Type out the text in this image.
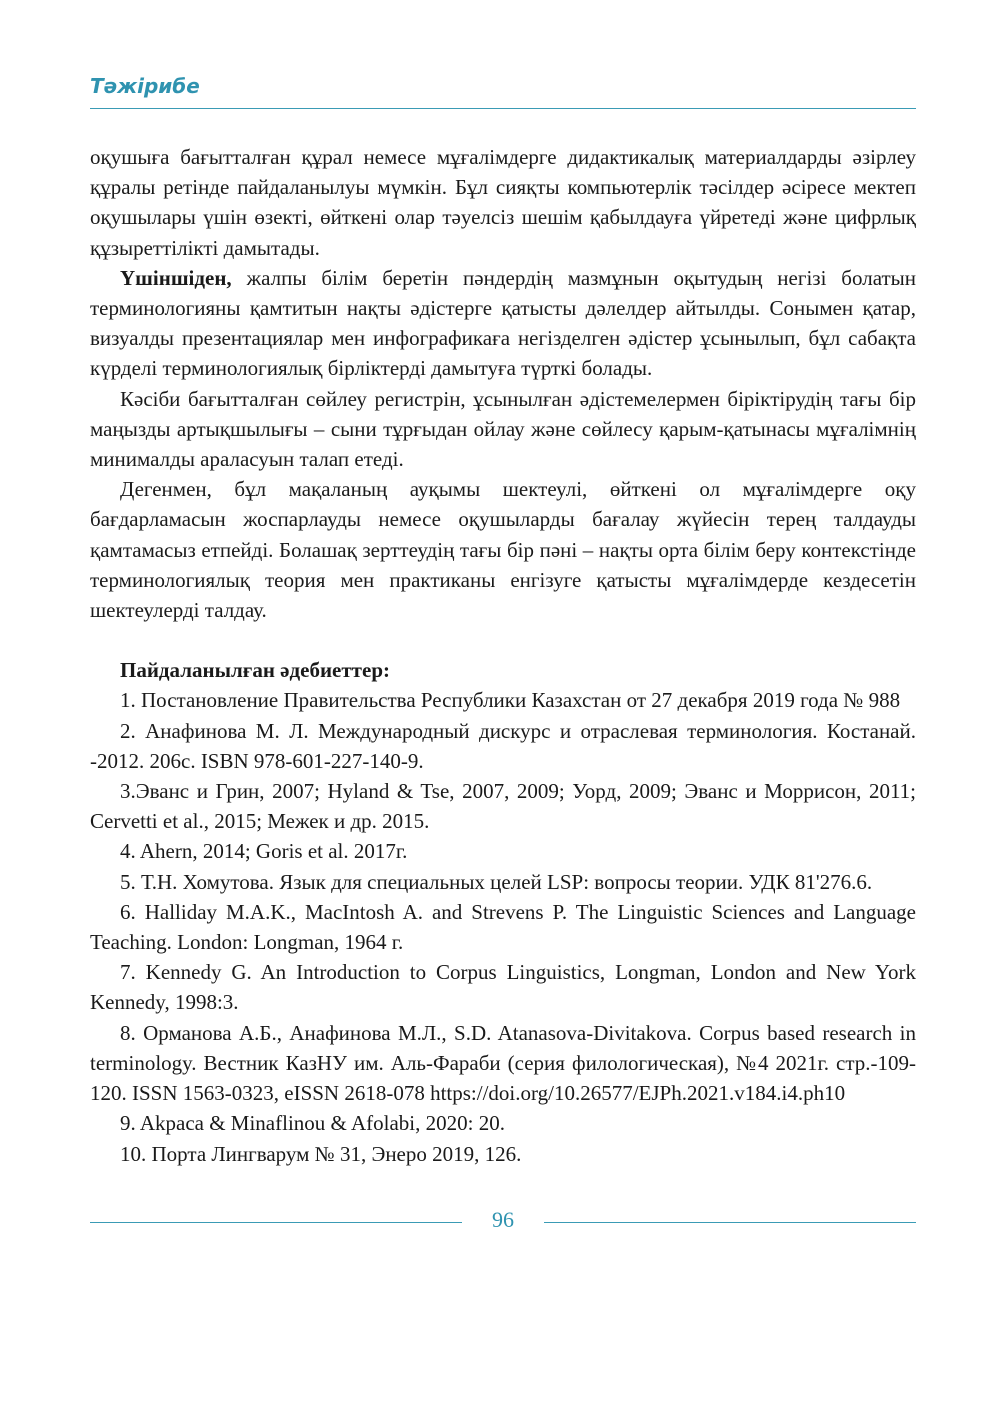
Тәжірибе

оқушыға бағытталған құрал немесе мұғалімдерге дидактикалық материалдарды әзірлеу құралы ретінде пайдаланылуы мүмкін. Бұл сияқты компьютерлік тәсілдер әсіресе мектеп оқушылары үшін өзекті, өйткені олар тәуелсіз шешім қабылдауға үйретеді және цифрлық құзыреттілікті дамытады.

Үшіншіден, жалпы білім беретін пәндердің мазмұнын оқытудың негізі болатын терминологияны қамтитын нақты әдістерге қатысты дәлелдер айтылды. Сонымен қатар, визуалды презентациялар мен инфографикаға негізделген әдістер ұсынылып, бұл сабақта күрделі терминологиялық бірліктерді дамытуға түрткі болады.

Кәсіби бағытталған сөйлеу регистрін, ұсынылған әдістемелермен біріктірудің тағы бір маңызды артықшылығы – сыни тұрғыдан ойлау және сөйлесу қарым-қатынасы мұғалімнің минималды араласуын талап етеді.

Дегенмен, бұл мақаланың ауқымы шектеулі, өйткені ол мұғалімдерге оқу бағдарламасын жоспарлауды немесе оқушыларды бағалау жүйесін терең талдауды қамтамасыз етпейді. Болашақ зерттеудің тағы бір пәні – нақты орта білім беру контекстінде терминологиялық теория мен практиканы енгізуге қатысты мұғалімдерде кездесетін шектеулерді талдау.

Пайдаланылған әдебиеттер:
1. Постановление Правительства Республики Казахстан от 27 декабря 2019 года № 988
2. Анафинова М. Л. Международный дискурс и отраслевая терминология. Костанай. -2012. 206с. ISBN 978-601-227-140-9.
3.Эванс и Грин, 2007; Hyland & Tse, 2007, 2009; Уорд, 2009; Эванс и Моррисон, 2011; Cervetti et al., 2015; Межек и др. 2015.
4. Ahern, 2014; Goris et al. 2017г.
5. Т.Н. Хомутова. Язык для специальных целей LSP: вопросы теории. УДК 81'276.6.
6. Halliday M.A.K., MacIntosh A. and Strevens P. The Linguistic Sciences and Language Teaching. London: Longman, 1964 г.
7. Kennedy G. An Introduction to Corpus Linguistics, Longman, London and New York Kennedy, 1998:3.
8. Орманова А.Б., Анафинова М.Л., S.D. Atanasova-Divitakova. Corpus based research in terminology. Вестник КазНУ им. Аль-Фараби (серия филологическая), №4 2021г. стр.-109-120. ISSN 1563-0323, eISSN 2618-078 https://doi.org/10.26577/EJPh.2021.v184.i4.ph10
9. Akpaca & Minaflinou & Afolabi, 2020: 20.
10. Порта Лингварум № 31, Энеро 2019, 126.
96
